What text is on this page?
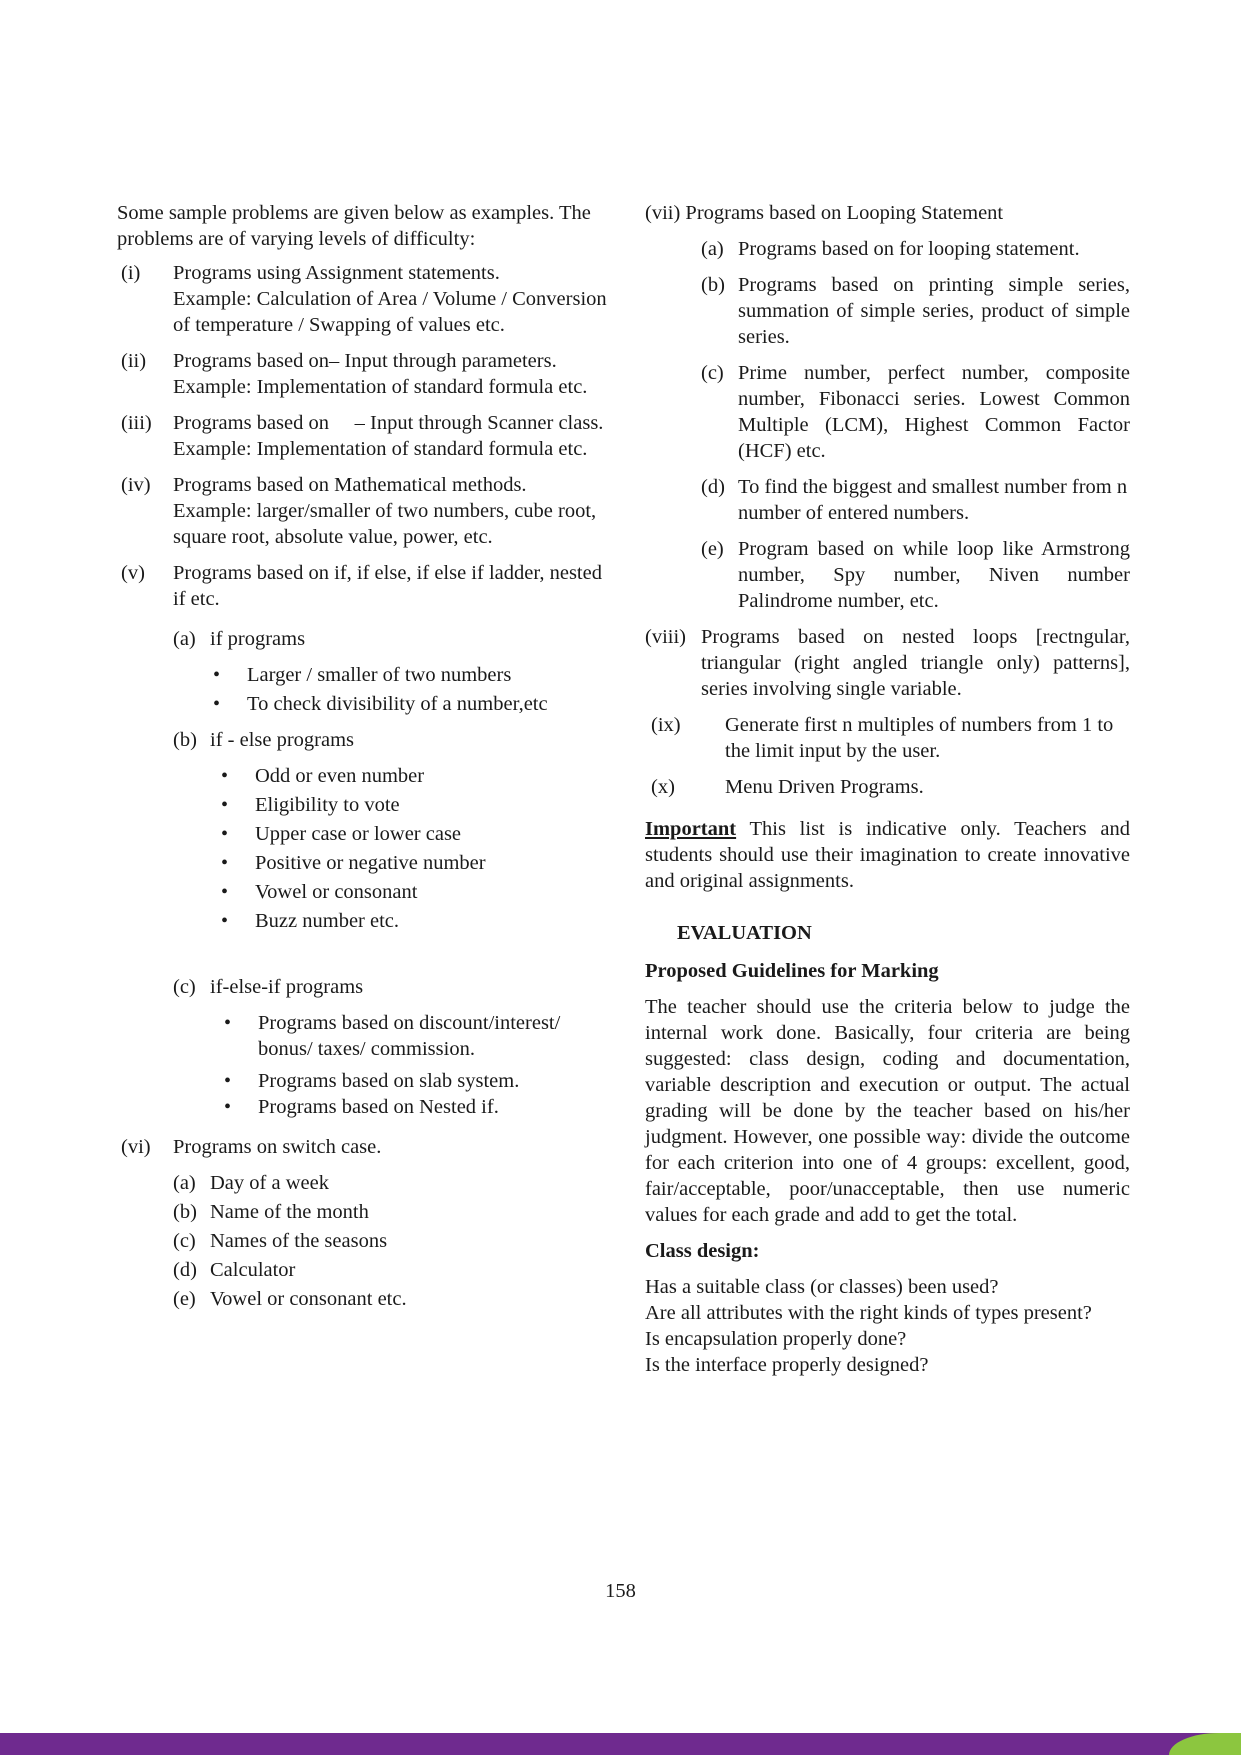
Some sample problems are given below as examples. The problems are of varying levels of difficulty:

(i)	Programs using Assignment statements.

Example: Calculation of Area / Volume / Conversion of temperature / Swapping of values etc.

(ii)	Programs based on– Input through parameters.

Example: Implementation of standard formula etc.

(iii)	Programs based on     – Input through Scanner class.

Example: Implementation of standard formula etc.

(iv)	Programs based on Mathematical methods.

Example: larger/smaller of two numbers, cube root, square root, absolute value, power, etc.

(v)	Programs based on if, if else, if else if ladder, nested if etc.

(a) if programs
• Larger / smaller of two numbers
• To check divisibility of a number,etc
(b) if - else programs
• Odd or even number
• Eligibility to vote
• Upper case or lower case
• Positive or negative number
• Vowel or consonant
• Buzz number etc.
(c) if-else-if programs
• Programs based on discount/interest/ bonus/ taxes/ commission.
• Programs based on slab system.
• Programs based on Nested if.
(vi)	Programs on switch case.

(a) Day of a week
(b) Name of the month
(c) Names of the seasons
(d) Calculator
(e) Vowel or consonant etc.

(vii) Programs based on Looping Statement

(a) Programs based on for looping statement.
(b) Programs based on printing simple series, summation of simple series, product of simple series.
(c) Prime number, perfect number, composite number, Fibonacci series. Lowest Common Multiple (LCM), Highest Common Factor (HCF) etc.
(d) To find the biggest and smallest number from n number of entered numbers.
(e) Program based on while loop like Armstrong number, Spy number, Niven number Palindrome number, etc.
(viii) Programs based on nested loops [rectngular, triangular (right angled triangle only) patterns], series involving single variable.
(ix)	Generate first n multiples of numbers from 1 to the limit input by the user.
(x)	Menu Driven Programs.

Important This list is indicative only. Teachers and students should use their imagination to create innovative and original assignments.

EVALUATION

Proposed Guidelines for Marking

The teacher should use the criteria below to judge the internal work done. Basically, four criteria are being suggested: class design, coding and documentation, variable description and execution or output. The actual grading will be done by the teacher based on his/her judgment. However, one possible way: divide the outcome for each criterion into one of 4 groups: excellent, good, fair/acceptable, poor/unacceptable, then use numeric values for each grade and add to get the total.

Class design:

Has a suitable class (or classes) been used?

Are all attributes with the right kinds of types present?

Is encapsulation properly done?

Is the interface properly designed?

158
